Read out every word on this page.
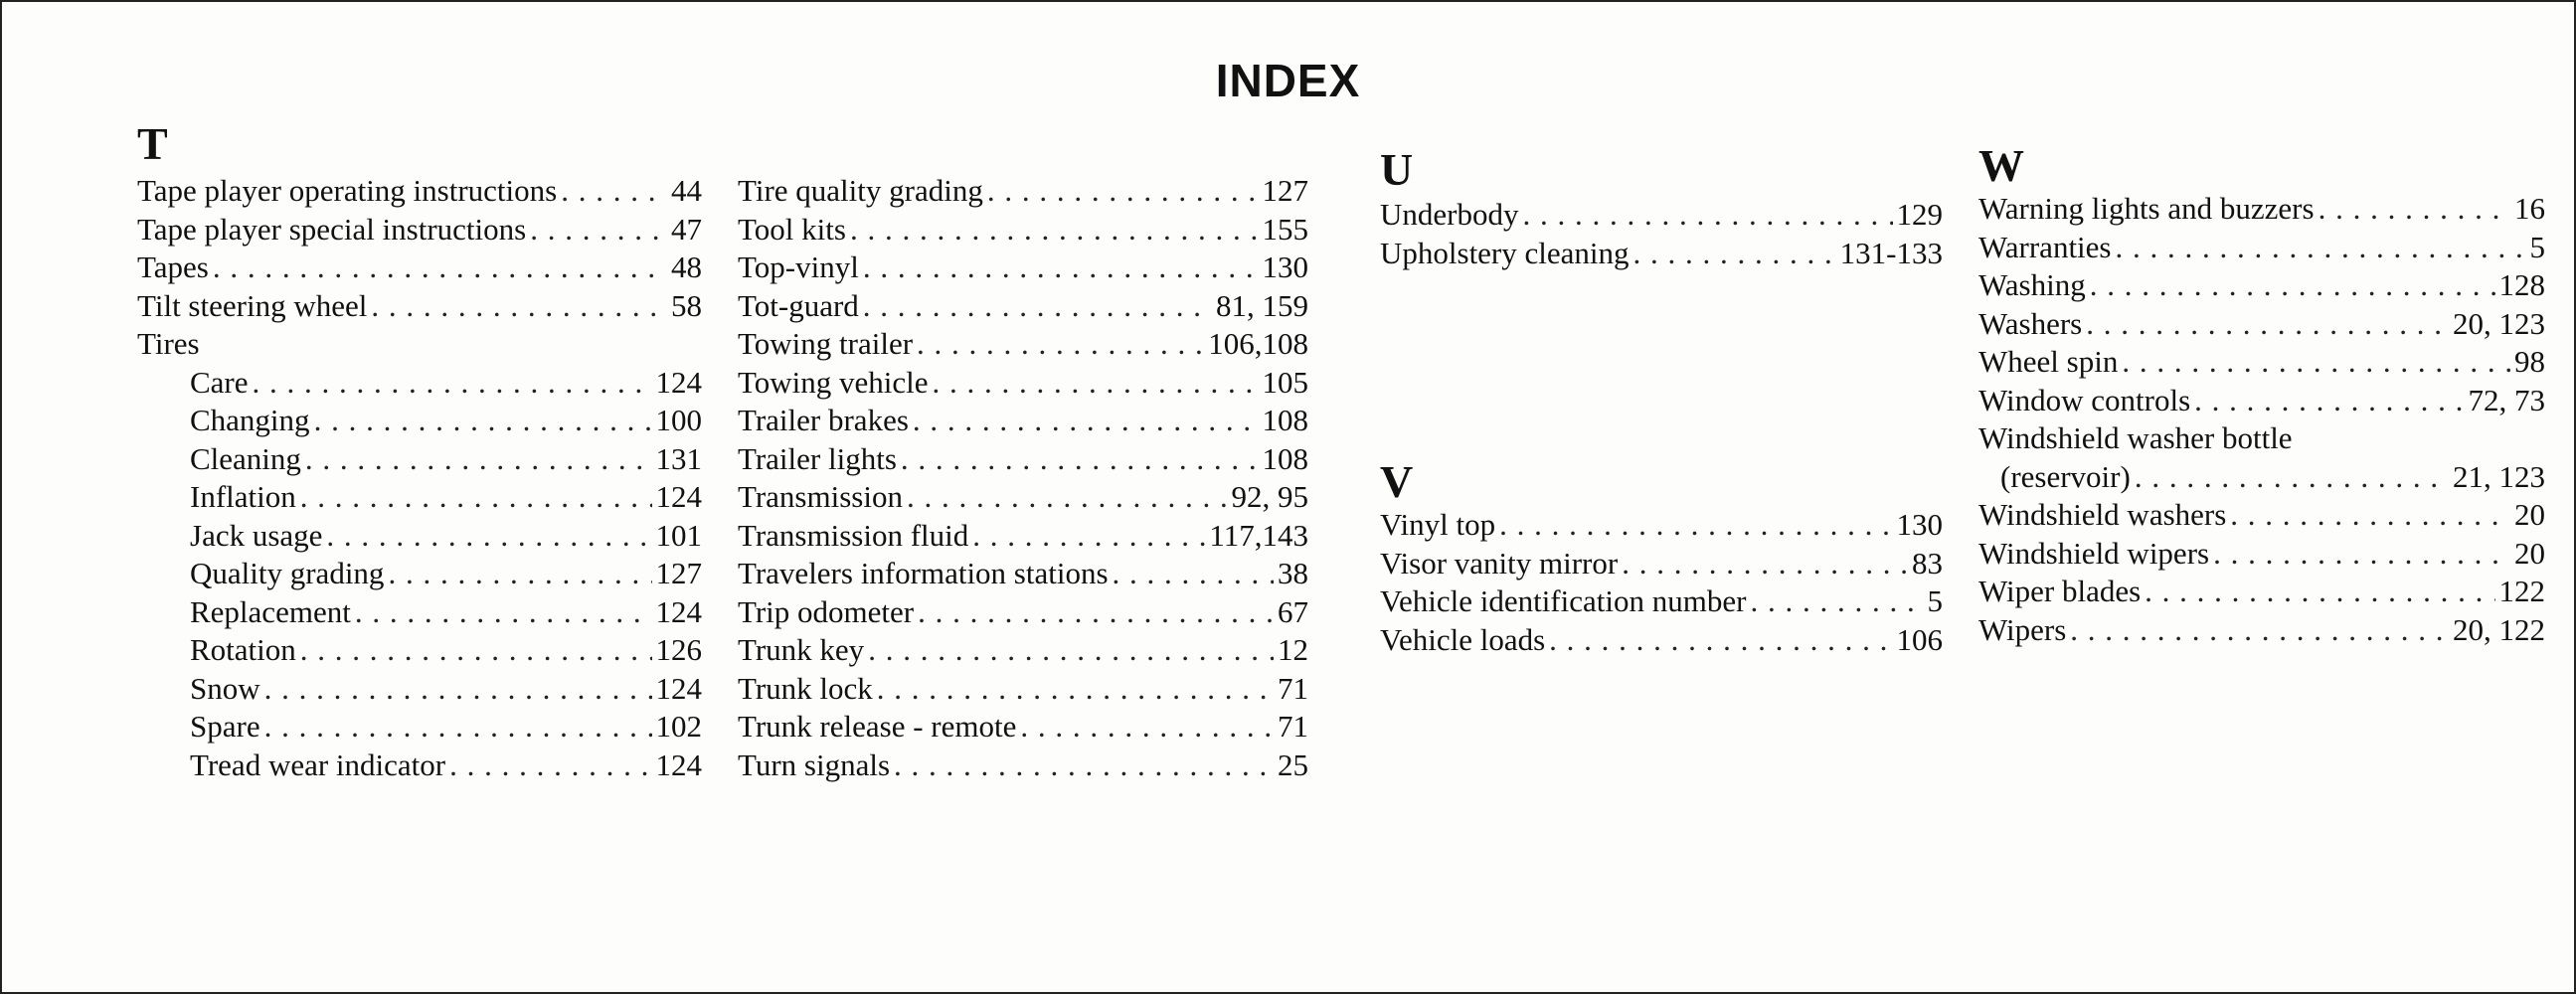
INDEX
T
Tape player operating instructions . . .	44
Tape player special instructions . . .	47
Tapes . . .	48
Tilt steering wheel . . .	58
Tires
Care . . .	124
Changing . . .	100
Cleaning . . .	131
Inflation . . .	124
Jack usage . . .	101
Quality grading . . .	127
Replacement . . .	124
Rotation . . .	126
Snow . . .	124
Spare . . .	102
Tread wear indicator . . .	124
Tire quality grading . . .	127
Tool kits . . .	155
Top-vinyl . . .	130
Tot-guard . . .	81, 159
Towing trailer . . .	106,108
Towing vehicle . . .	105
Trailer brakes . . .	108
Trailer lights . . .	108
Transmission . . .	92, 95
Transmission fluid . . .	117,143
Travelers information stations . . .	38
Trip odometer . . .	67
Trunk key . . .	12
Trunk lock . . .	71
Trunk release - remote . . .	71
Turn signals . . .	25
U
Underbody . . .	129
Upholstery cleaning . . .	131-133
V
Vinyl top . . .	130
Visor vanity mirror . . .	83
Vehicle identification number . . .	5
Vehicle loads . . .	106
W
Warning lights and buzzers . . .	16
Warranties . . .	5
Washing . . .	128
Washers . . .	20, 123
Wheel spin . . .	98
Window controls . . .	72, 73
Windshield washer bottle
(reservoir) . . .	21, 123
Windshield washers . . .	20
Windshield wipers . . .	20
Wiper blades . . .	122
Wipers . . .	20, 122
